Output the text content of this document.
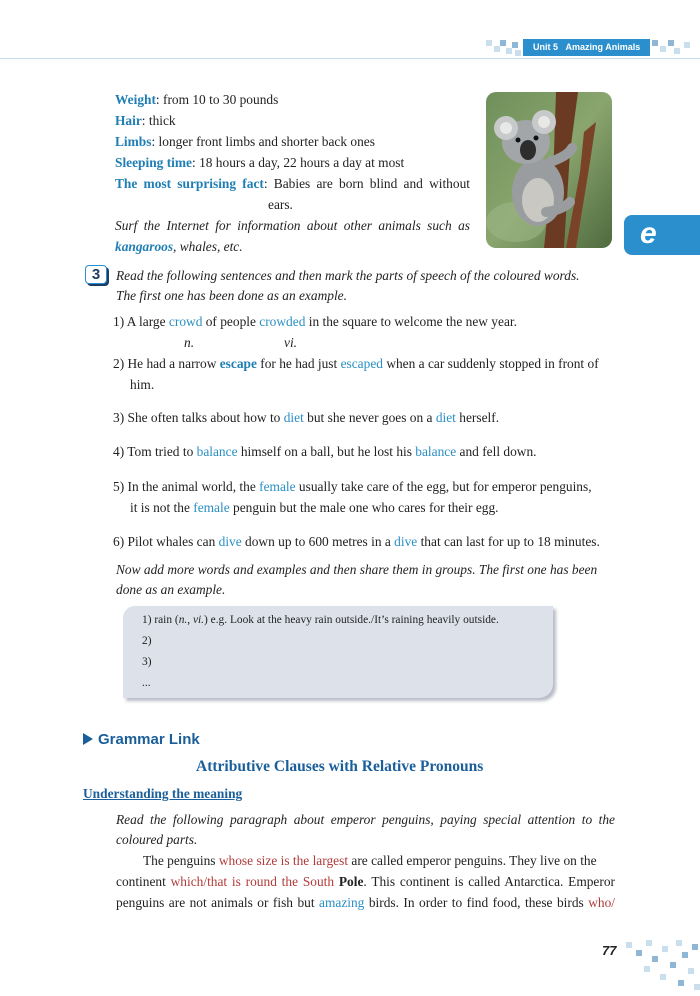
Unit 5 Amazing Animals
e
Weight: from 10 to 30 pounds
Hair: thick
Limbs: longer front limbs and shorter back ones
Sleeping time: 18 hours a day, 22 hours a day at most
The most surprising fact: Babies are born blind and without
ears.
Surf the Internet for information about other animals such as
kangaroos, whales, etc.
3	Read the following sentences and then mark the parts of speech of the coloured words.
The first one has been done as an example.
1) A large crowd of people crowded in the square to welcome the new year.
n.	vi.
2) He had a narrow escape for he had just escaped when a car suddenly stopped in front of
him.
3) She often talks about how to diet but she never goes on a diet herself.
4) Tom tried to balance himself on a ball, but he lost his balance and fell down.
5) In the animal world, the female usually take care of the egg, but for emperor penguins,
it is not the female penguin but the male one who cares for their egg.
6) Pilot whales can dive down up to 600 metres in a dive that can last for up to 18 minutes.
Now add more words and examples and then share them in groups. The first one has been
done as an example.
1) rain (n., vi.) e.g. Look at the heavy rain outside./It’s raining heavily outside.
2)
3)
...
Grammar Link
Attributive Clauses with Relative Pronouns
Understanding the meaning
Read the following paragraph about emperor penguins, paying special attention to the
coloured parts.
The penguins whose size is the largest are called emperor penguins. They live on the
continent which/that is round the South Pole. This continent is called Antarctica. Emperor
penguins are not animals or fish but amazing birds. In order to find food, these birds who/
77
